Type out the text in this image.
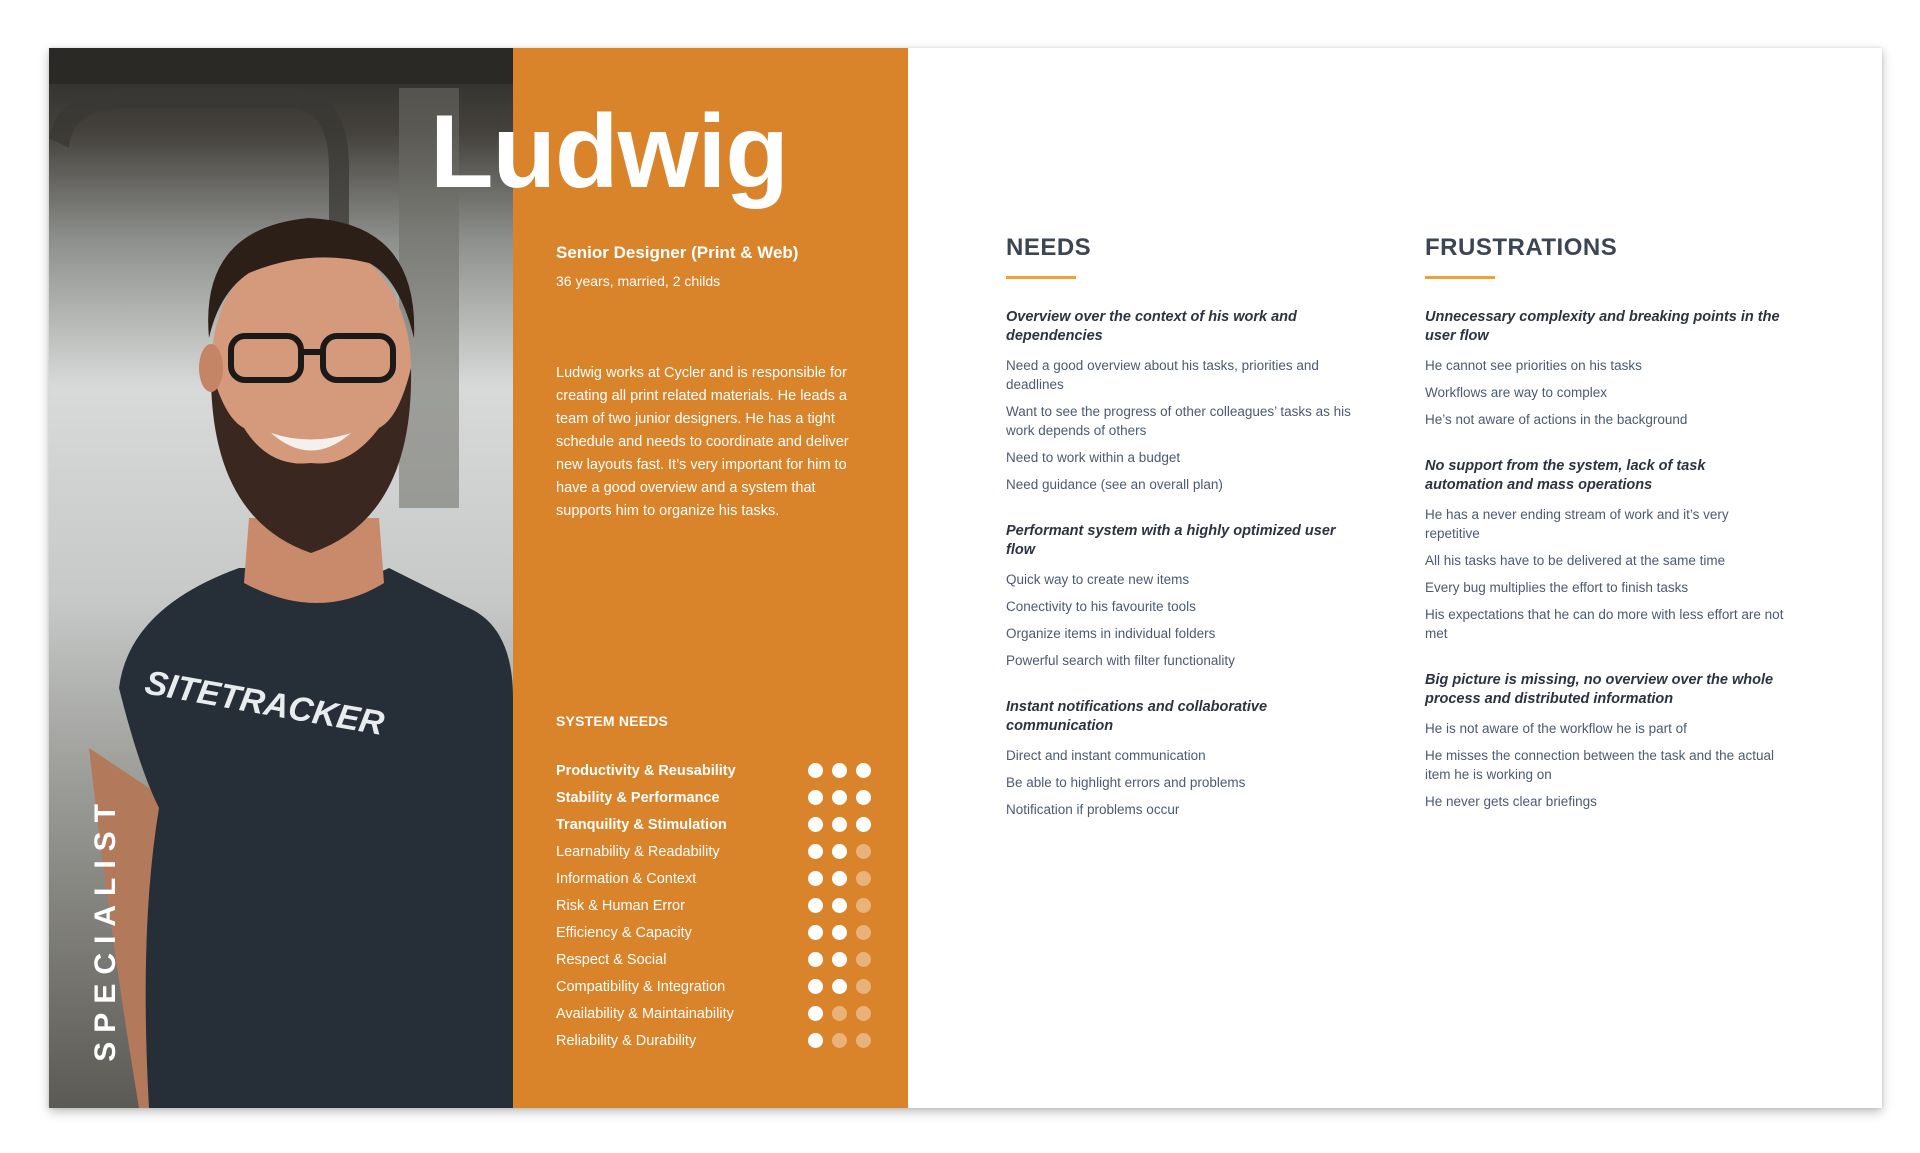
SITETRACKER
SPECIALIST
Ludwig
Senior Designer (Print & Web)
36 years, married, 2 childs

Ludwig works at Cycler and is responsible for creating all print related materials. He leads a team of two junior designers. He has a tight schedule and needs to coordinate and deliver new layouts fast. It’s very important for him to have a good overview and a system that supports him to organize his tasks.

SYSTEM NEEDS
Productivity & Reusability
Stability & Performance
Tranquility & Stimulation
Learnability & Readability
Information & Context
Risk & Human Error
Efficiency & Capacity
Respect & Social
Compatibility & Integration
Availability & Maintainability
Reliability & Durability
NEEDS

Overview over the context of his work and dependencies

Need a good overview about his tasks, priorities and deadlines
Want to see the progress of other colleagues’ tasks as his work depends of others
Need to work within a budget
Need guidance (see an overall plan)

Performant system with a highly optimized user flow

Quick way to create new items
Conectivity to his favourite tools
Organize items in individual folders
Powerful search with filter functionality

Instant notifications and collaborative communication

Direct and instant communication
Be able to highlight errors and problems
Notification if problems occur
FRUSTRATIONS

Unnecessary complexity and breaking points in the user flow

He cannot see priorities on his tasks
Workflows are way to complex
He’s not aware of actions in the background

No support from the system, lack of task automation and mass operations

He has a never ending stream of work and it’s very repetitive
All his tasks have to be delivered at the same time
Every bug multiplies the effort to finish tasks
His expectations that he can do more with less effort are not met

Big picture is missing, no overview over the whole process and distributed information

He is not aware of the workflow he is part of
He misses the connection between the task and the actual item he is working on
He never gets clear briefings
